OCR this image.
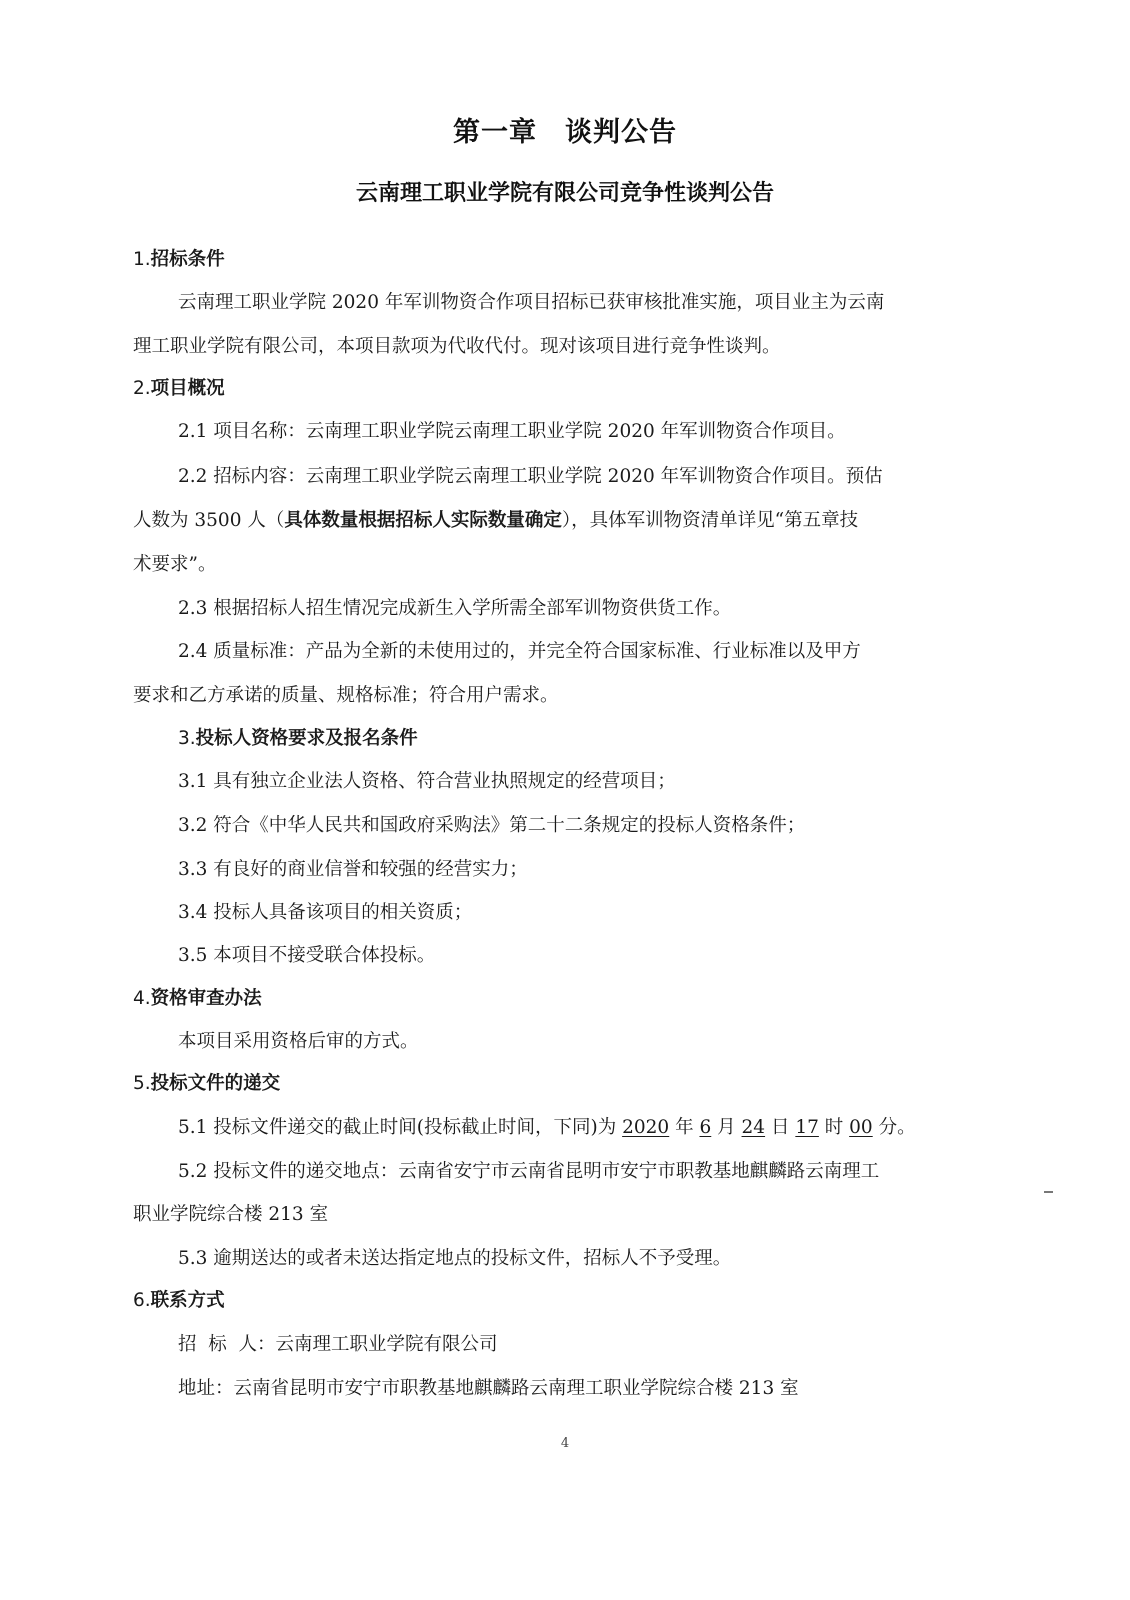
第一章 谈判公告
云南理工职业学院有限公司竞争性谈判公告
1.招标条件
云南理工职业学院 2020 年军训物资合作项目招标已获审核批准实施，项目业主为云南
理工职业学院有限公司，本项目款项为代收代付。现对该项目进行竞争性谈判。
2.项目概况
2.1 项目名称：云南理工职业学院云南理工职业学院 2020 年军训物资合作项目。
2.2 招标内容：云南理工职业学院云南理工职业学院 2020 年军训物资合作项目。预估
人数为 3500 人（具体数量根据招标人实际数量确定），具体军训物资清单详见“第五章技
术要求”。
2.3 根据招标人招生情况完成新生入学所需全部军训物资供货工作。
2.4 质量标准：产品为全新的未使用过的，并完全符合国家标准、行业标准以及甲方
要求和乙方承诺的质量、规格标准；符合用户需求。
3.投标人资格要求及报名条件
3.1 具有独立企业法人资格、符合营业执照规定的经营项目；
3.2 符合《中华人民共和国政府采购法》第二十二条规定的投标人资格条件；
3.3 有良好的商业信誉和较强的经营实力；
3.4 投标人具备该项目的相关资质；
3.5 本项目不接受联合体投标。
4.资格审查办法
本项目采用资格后审的方式。
5.投标文件的递交
5.1 投标文件递交的截止时间(投标截止时间，下同)为 2020 年 6 月 24 日 17 时 00 分。
5.2 投标文件的递交地点：云南省安宁市云南省昆明市安宁市职教基地麒麟路云南理工
职业学院综合楼 213 室
5.3 逾期送达的或者未送达指定地点的投标文件，招标人不予受理。
6.联系方式
招  标  人：云南理工职业学院有限公司
地址：云南省昆明市安宁市职教基地麒麟路云南理工职业学院综合楼 213 室
4
